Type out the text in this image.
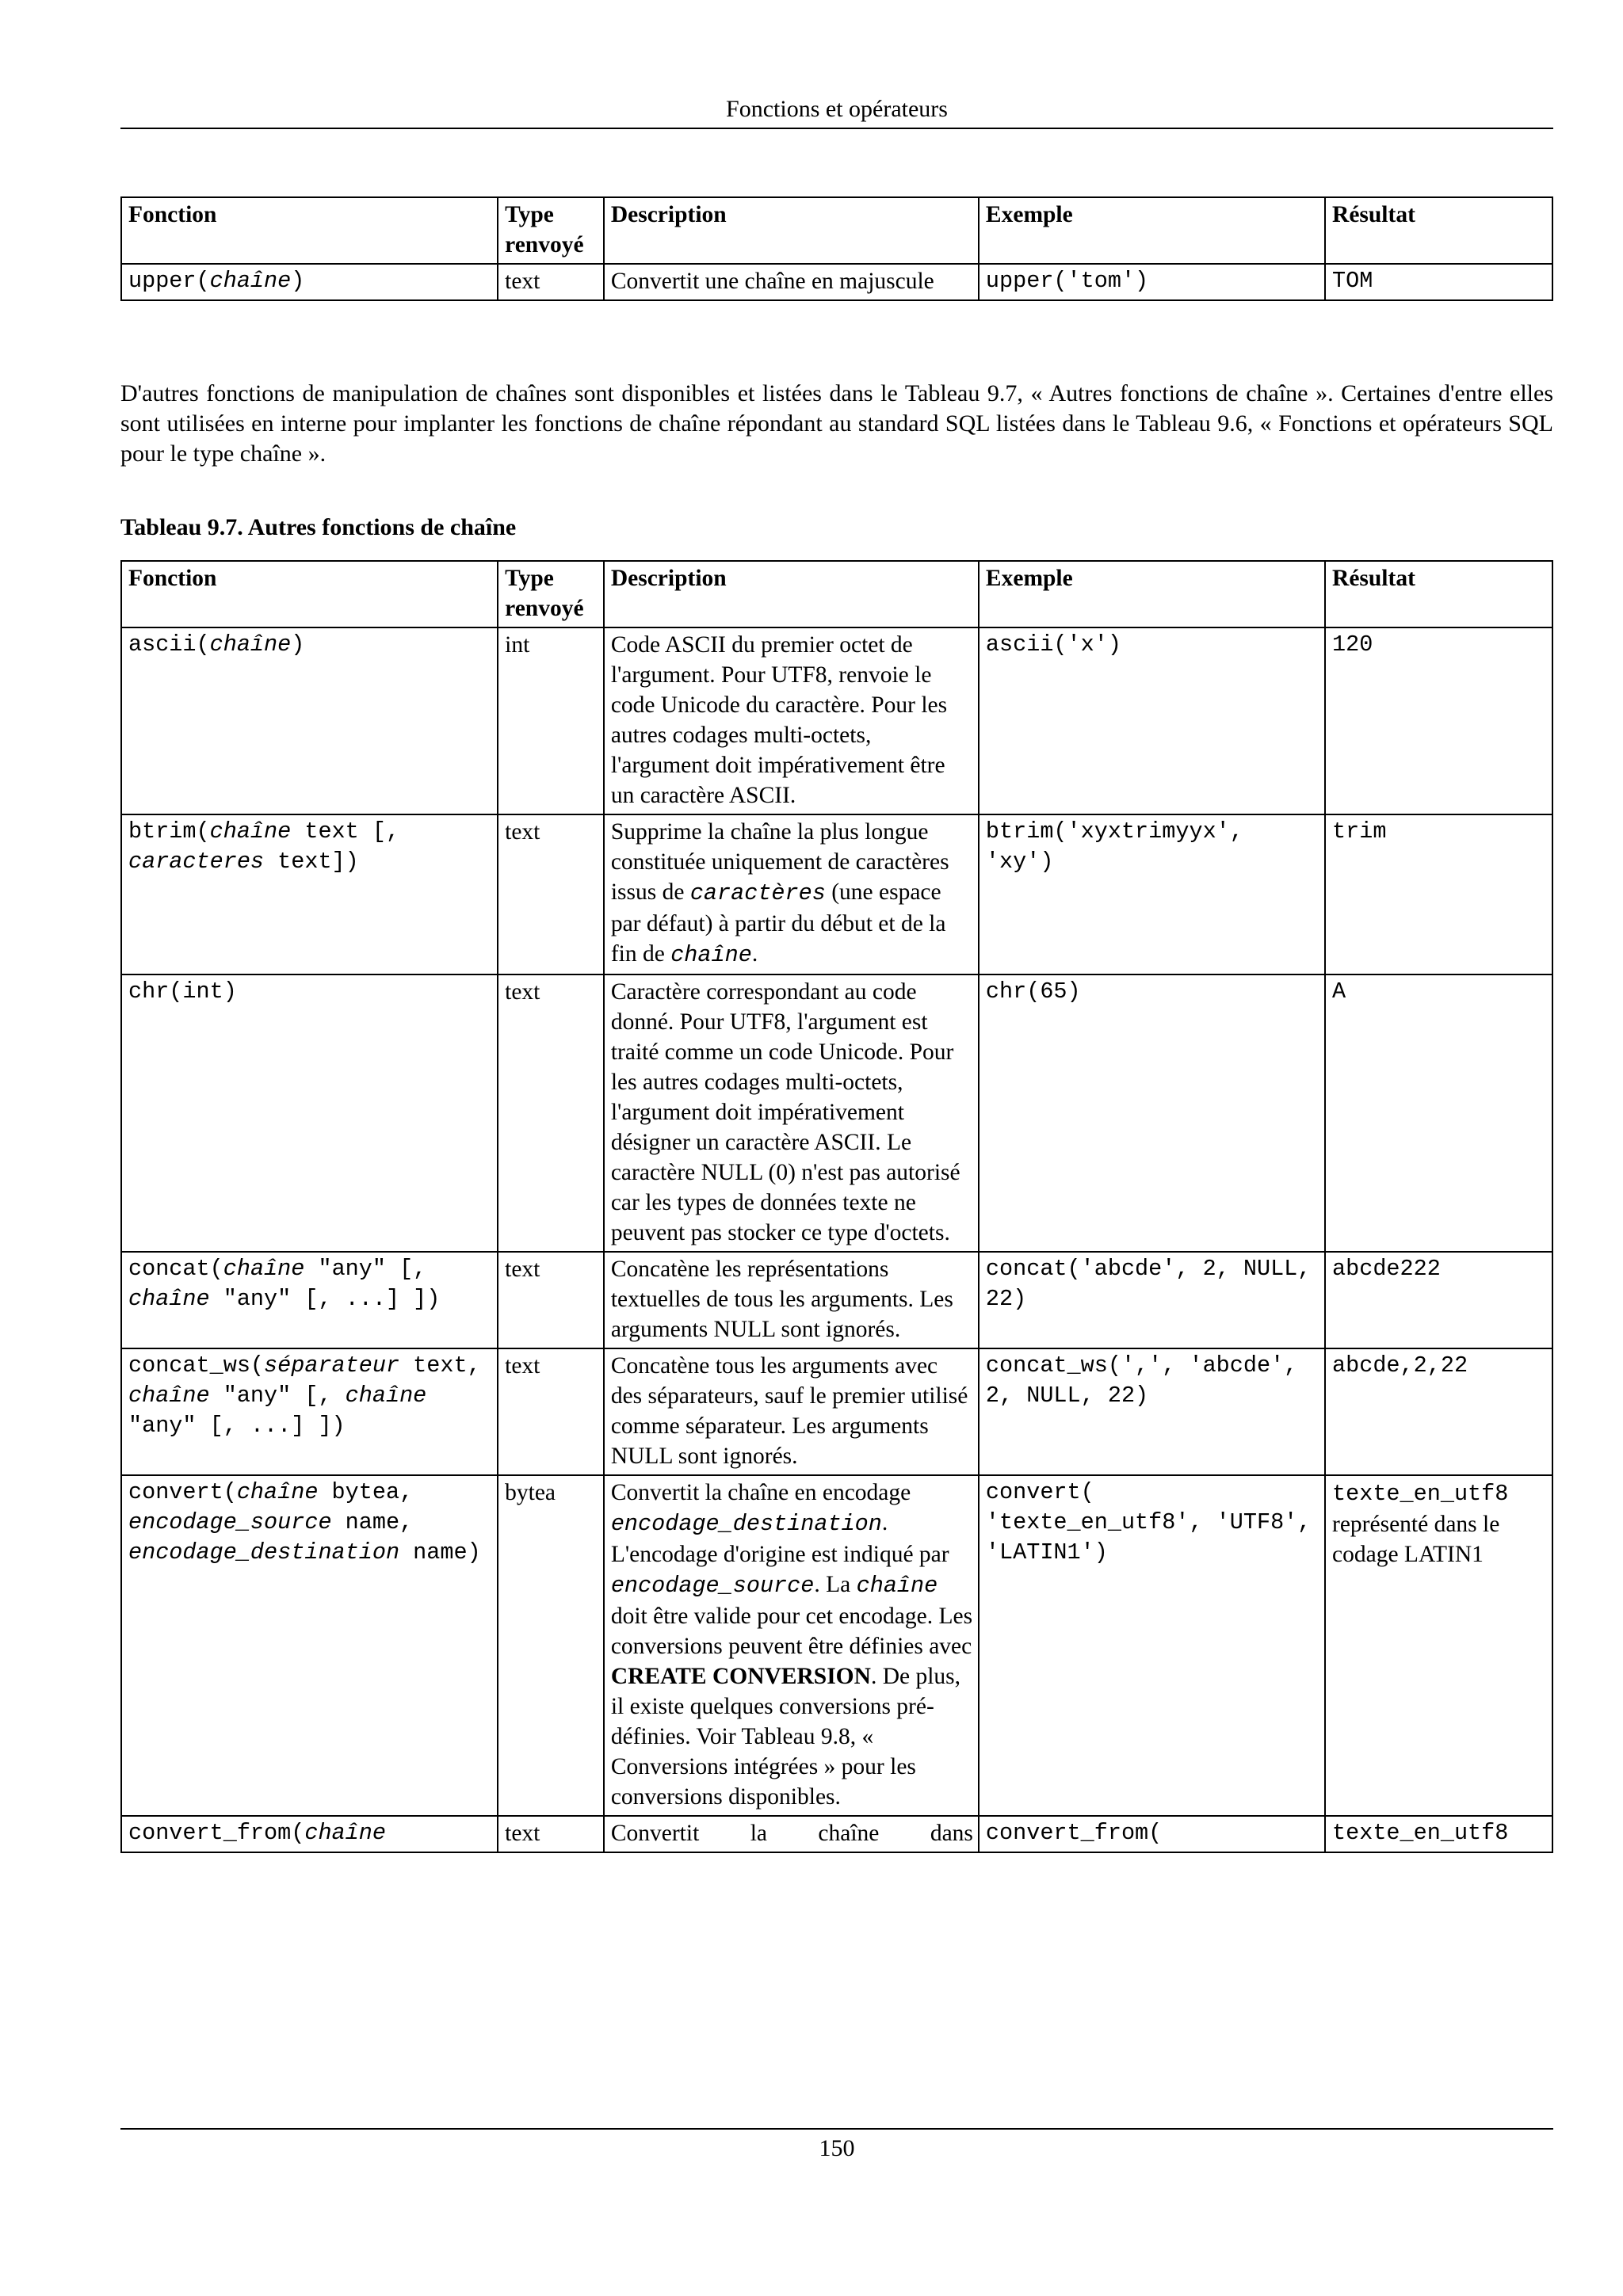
Fonctions et opérateurs
Fonction	Type renvoyé	Description	Exemple	Résultat
upper(chaîne)	text	Convertit une chaîne en majuscule	upper('tom')	TOM
D'autres fonctions de manipulation de chaînes sont disponibles et listées dans le Tableau 9.7, « Autres fonctions de chaîne ». Certaines d'entre elles sont utilisées en interne pour implanter les fonctions de chaîne répondant au standard SQL listées dans le Tableau 9.6, « Fonctions et opérateurs SQL pour le type chaîne ».
Tableau 9.7. Autres fonctions de chaîne
Fonction	Type renvoyé	Description	Exemple	Résultat
ascii(chaîne)	int	Code ASCII du premier octet de l'argument. Pour UTF8, renvoie le code Unicode du caractère. Pour les autres codages multi-octets, l'argument doit impérativement être un caractère ASCII.	ascii('x')	120
btrim(chaîne text [, caracteres text])	text	Supprime la chaîne la plus longue constituée uniquement de caractères issus de caractères (une espace par défaut) à partir du début et de la fin de chaîne.	btrim('xyxtrimyyx', 'xy')	trim
chr(int)	text	Caractère correspondant au code donné. Pour UTF8, l'argument est traité comme un code Unicode. Pour les autres codages multi-octets, l'argument doit impérativement désigner un caractère ASCII. Le caractère NULL (0) n'est pas autorisé car les types de données texte ne peuvent pas stocker ce type d'octets.	chr(65)	A
concat(chaîne "any" [, chaîne "any" [, ...] ])	text	Concatène les représentations textuelles de tous les arguments. Les arguments NULL sont ignorés.	concat('abcde', 2, NULL, 22)	abcde222
concat_ws(séparateur text, chaîne "any" [, chaîne "any" [, ...] ])	text	Concatène tous les arguments avec des séparateurs, sauf le premier utilisé comme séparateur. Les arguments NULL sont ignorés.	concat_ws(',', 'abcde', 2, NULL, 22)	abcde,2,22
convert(chaîne bytea, encodage_source name, encodage_destination name)	bytea	Convertit la chaîne en encodage encodage_destination. L'encodage d'origine est indiqué par encodage_source. La chaîne doit être valide pour cet encodage. Les conversions peuvent être définies avec CREATE CONVERSION. De plus, il existe quelques conversions pré-définies. Voir Tableau 9.8, « Conversions intégrées » pour les conversions disponibles.	convert( 'texte_en_utf8', 'UTF8', 'LATIN1')	texte_en_utf8 représenté dans le codage LATIN1
convert_from(chaîne	text	Convertit la chaîne dans	convert_from(	texte_en_utf8
150
